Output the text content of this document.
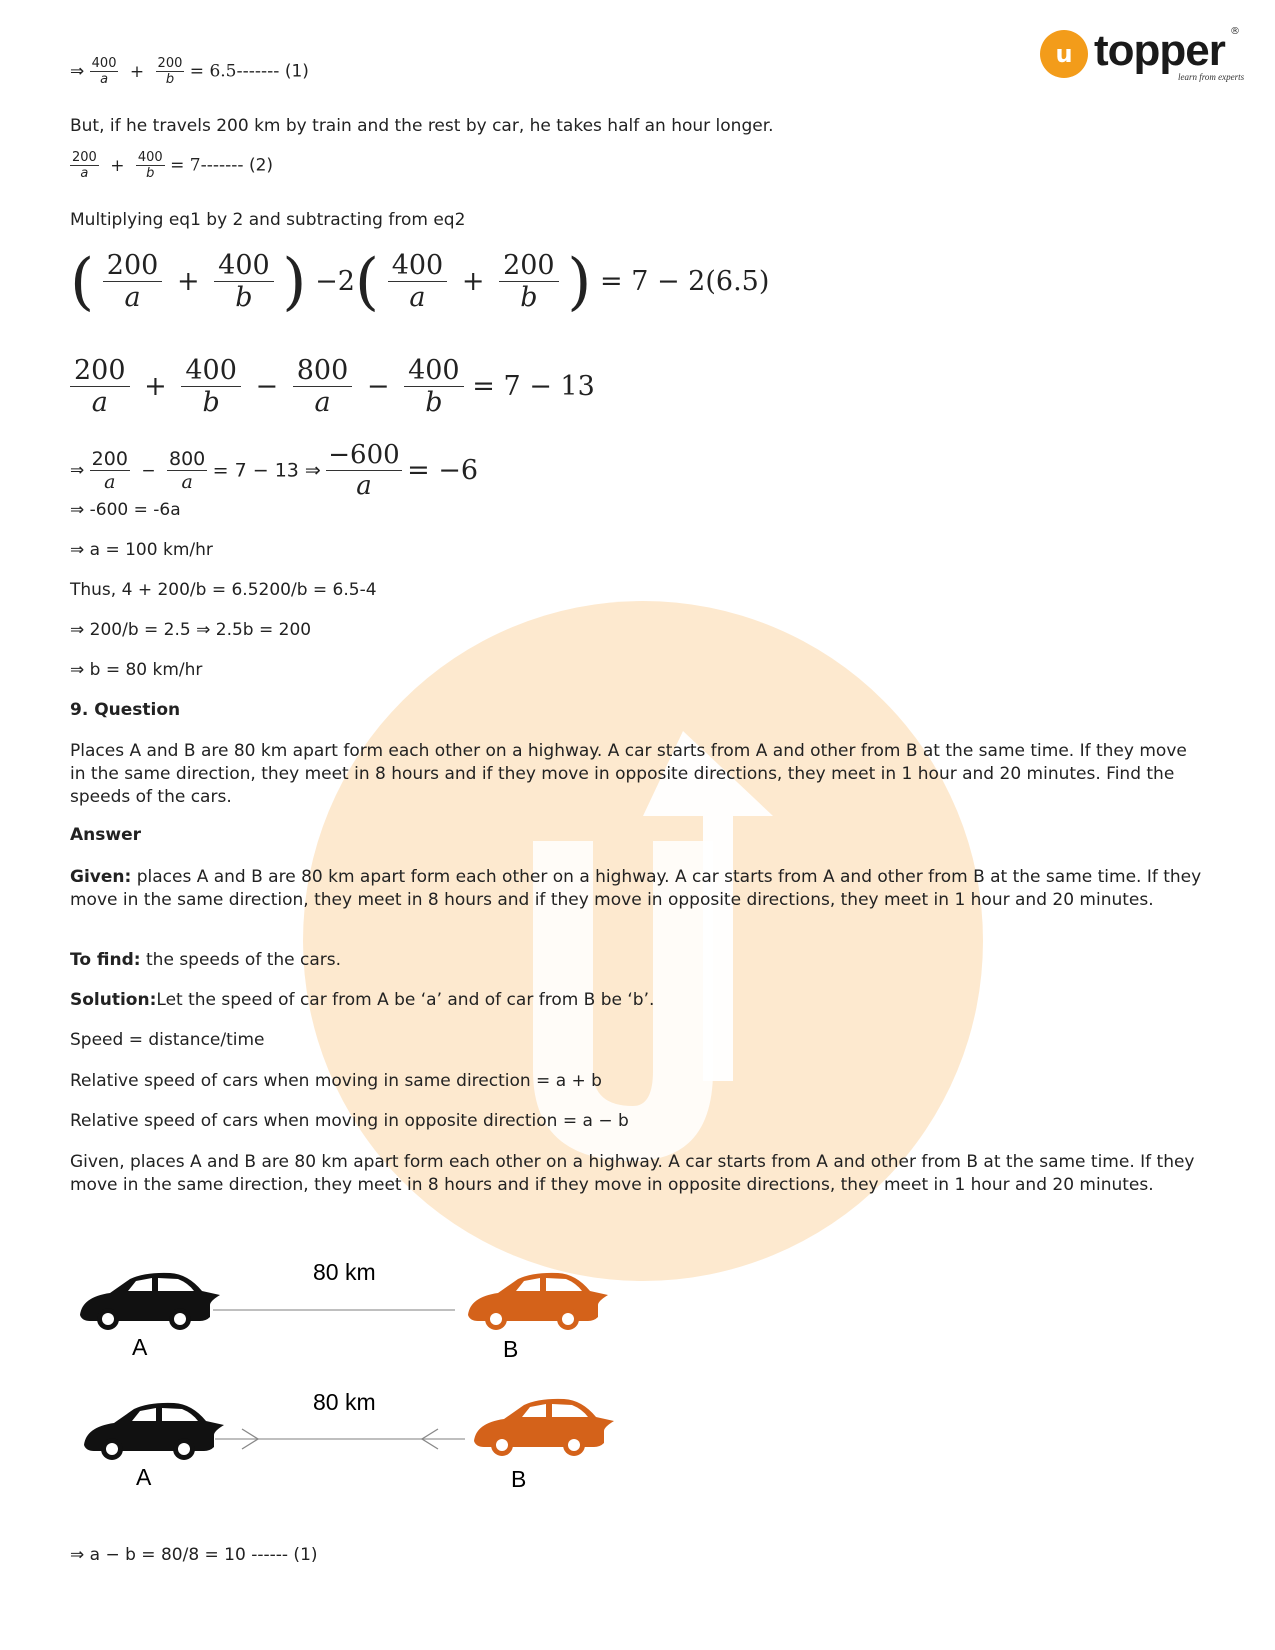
u topper
learn from experts
®
⇒ $\frac{400}{a} + \frac{200}{b} = 6.5-------$ (1)
But, if he travels 200 km by train and the rest by car, he takes half an hour longer.
$\frac{200}{a} + \frac{400}{b} = 7-------$ (2)
Multiplying eq1 by 2 and subtracting from eq2
( $\frac{200}{a} + \frac{400}{b}$ ) $-2( \frac{400}{a} + \frac{200}{b}$ ) = 7 − 2(6.5)
$\frac{200}{a} + \frac{400}{b} - \frac{800}{a} - \frac{400}{b} = 7 - 13$
⇒ $\frac{200}{a} - \frac{800}{a} = 7 - 13$ ⇒ $\frac{-600}{a} = -6$
⇒ -600 = -6a
⇒ a = 100 km/hr
Thus, 4 + 200/b = 6.5200/b = 6.5-4
⇒ 200/b = 2.5 ⇒ 2.5b = 200
⇒ b = 80 km/hr
9. Question
Places A and B are 80 km apart form each other on a highway. A car starts from A and other from B at the same time. If they move in the same direction, they meet in 8 hours and if they move in opposite directions, they meet in 1 hour and 20 minutes. Find the speeds of the cars.
Answer
Given: places A and B are 80 km apart form each other on a highway. A car starts from A and other from B at the same time. If they move in the same direction, they meet in 8 hours and if they move in opposite directions, they meet in 1 hour and 20 minutes.
To find: the speeds of the cars.
Solution:Let the speed of car from A be ‘a’ and of car from B be ‘b’.
Speed = distance/time
Relative speed of cars when moving in same direction = a + b
Relative speed of cars when moving in opposite direction = a − b
Given, places A and B are 80 km apart form each other on a highway. A car starts from A and other from B at the same time. If they move in the same direction, they meet in 8 hours and if they move in opposite directions, they meet in 1 hour and 20 minutes.
80 km
A	B
80 km
A	B
⇒ a − b = 80/8 = 10 ------ (1)
